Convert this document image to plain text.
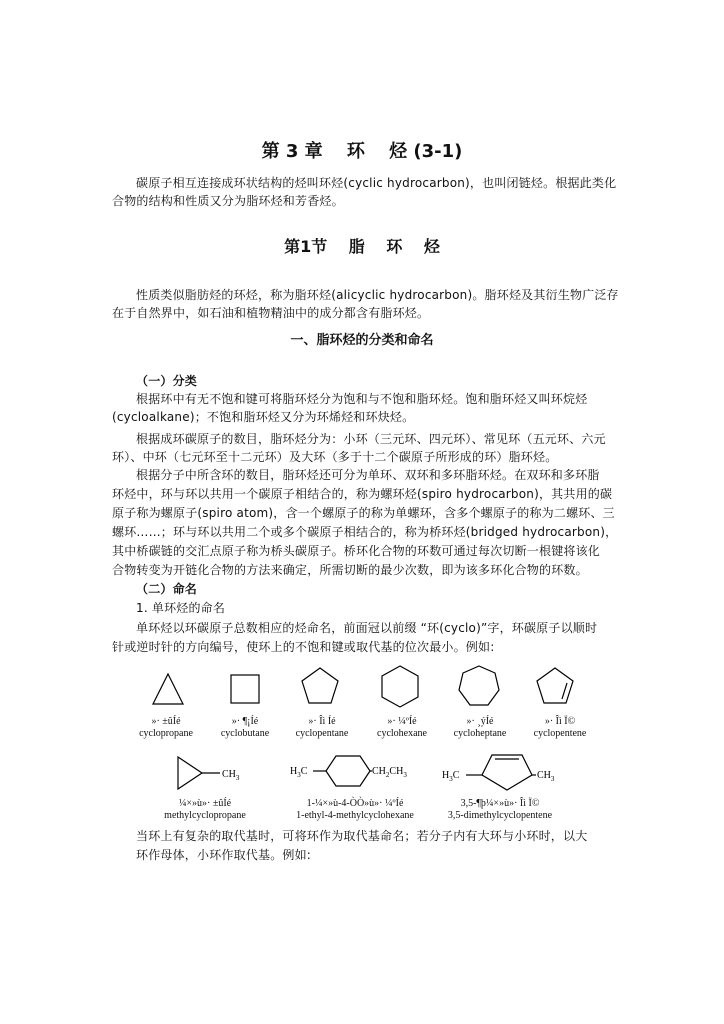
第 3 章　 环　 烃 (3-1)
碳原子相互连接成环状结构的烃叫环烃(cyclic hydrocarbon)，也叫闭链烃。根据此类化
合物的结构和性质又分为脂环烃和芳香烃。
第1节　 脂　 环　 烃
性质类似脂肪烃的环烃，称为脂环烃(alicyclic hydrocarbon)。脂环烃及其衍生物广泛存
在于自然界中，如石油和植物精油中的成分都含有脂环烃。
一、脂环烃的分类和命名
（一）分类
根据环中有无不饱和键可将脂环烃分为饱和与不饱和脂环烃。饱和脂环烃又叫环烷烃
(cycloalkane)；不饱和脂环烃又分为环烯烃和环炔烃。
根据成环碳原子的数目，脂环烃分为：小环（三元环、四元环）、常见环（五元环、六元
环）、中环（七元环至十二元环）及大环（多于十二个碳原子所形成的环）脂环烃。
根据分子中所含环的数目，脂环烃还可分为单环、双环和多环脂环烃。在双环和多环脂
环烃中，环与环以共用一个碳原子相结合的，称为螺环烃(spiro hydrocarbon)，其共用的碳
原子称为螺原子(spiro atom)，含一个螺原子的称为单螺环，含多个螺原子的称为二螺环、三
螺环……；环与环以共用二个或多个碳原子相结合的，称为桥环烃(bridged hydrocarbon)，
其中桥碳链的交汇点原子称为桥头碳原子。桥环化合物的环数可通过每次切断一根键将该化
合物转变为开链化合物的方法来确定，所需切断的最少次数，即为该多环化合物的环数。
（二）命名
1. 单环烃的命名
单环烃以环碳原子总数相应的烃命名，前面冠以前缀 “环(cyclo)”字，环碳原子以顺时
针或逆时针的方向编号，使环上的不饱和键或取代基的位次最小。例如:
»· ±ûÍé
cyclopropane
»· ¶¡Íé
cyclobutane
»· Îì Íé
cyclopentane
»· ¼ºÍé
cyclohexane
»· ¸ýÍé
cycloheptane
»· Îì Ï©
cyclopentene
$CH_3$
$H_3C$	$CH_2CH_3$	$H_3C$	$CH_3$
¼×»ù»· ±ûÍé
methylcyclopropane
1-¼×»ù-4-ÒÒ»ù»· ¼ºÍé
1-ethyl-4-methylcyclohexane
3,5-¶þ¼×»ù»· Îì Ï©
3,5-dimethylcyclopentene
当环上有复杂的取代基时，可将环作为取代基命名；若分子内有大环与小环时，以大
环作母体，小环作取代基。例如:
